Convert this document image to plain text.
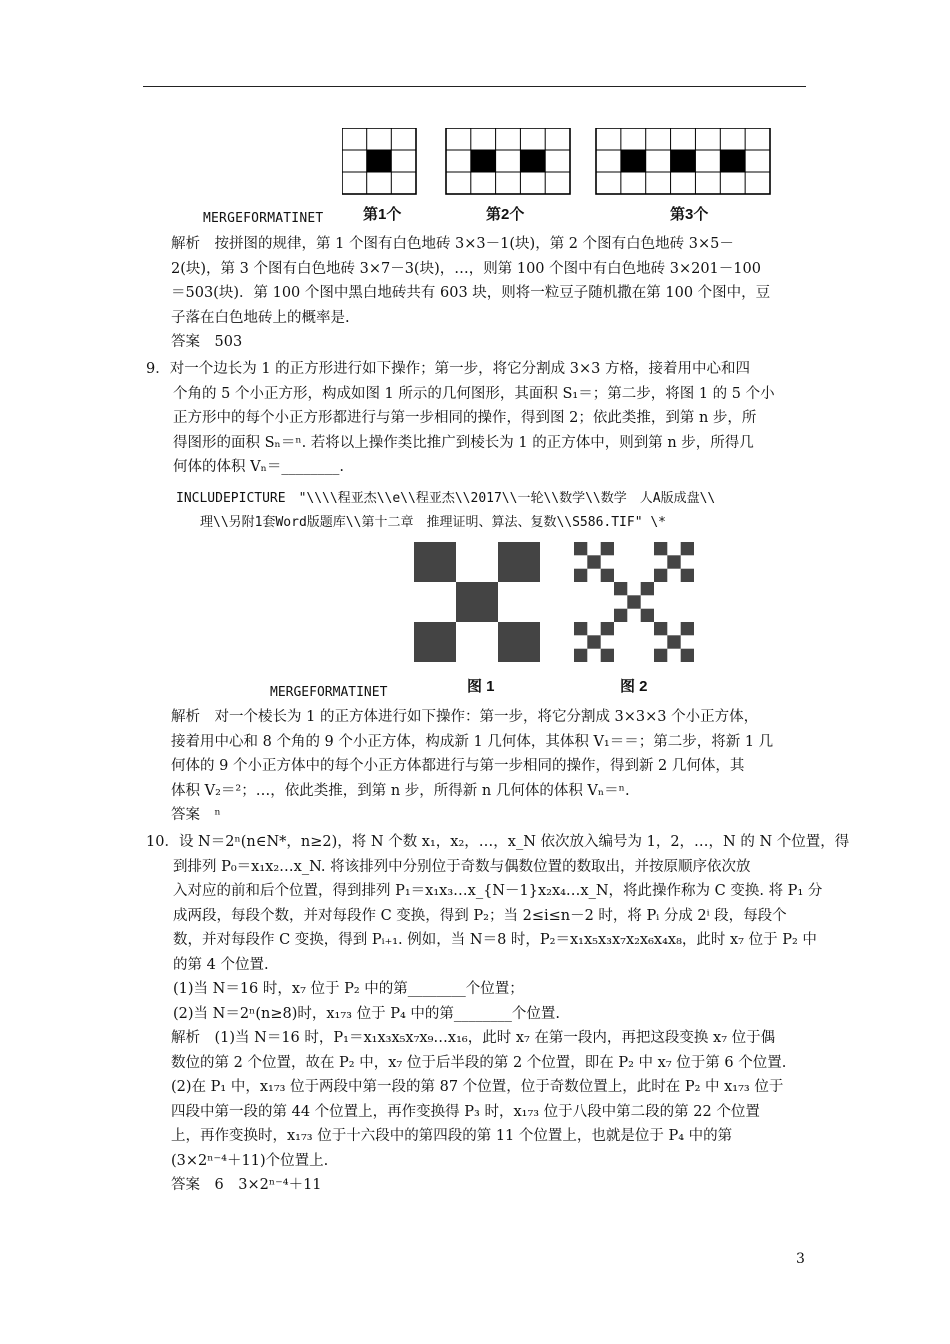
第1个	第2个	第3个
MERGEFORMATINET
解析　按拼图的规律，第 1 个图有白色地砖 3×3－1(块)，第 2 个图有白色地砖 3×5－
2(块)，第 3 个图有白色地砖 3×7－3(块)，…，则第 100 个图中有白色地砖 3×201－100
＝503(块)．第 100 个图中黑白地砖共有 603 块，则将一粒豆子随机撒在第 100 个图中，豆
子落在白色地砖上的概率是.
答案　503
9．对一个边长为 1 的正方形进行如下操作；第一步，将它分割成 3×3 方格，接着用中心和四
个角的 5 个小正方形，构成如图 1 所示的几何图形，其面积 S₁＝；第二步，将图 1 的 5 个小
正方形中的每个小正方形都进行与第一步相同的操作，得到图 2；依此类推，到第 n 步，所
得图形的面积 Sₙ＝ⁿ. 若将以上操作类比推广到棱长为 1 的正方体中，则到第 n 步，所得几
何体的体积 Vₙ＝________.
INCLUDEPICTURE　"\\\\程亚杰\\e\\程亚杰\\2017\\一轮\\数学\\数学　人A版成盘\\
理\\另附1套Word版题库\\第十二章　推理证明、算法、复数\\S586.TIF" \*
图 1	图 2
MERGEFORMATINET
解析　对一个棱长为 1 的正方体进行如下操作：第一步，将它分割成 3×3×3 个小正方体，
接着用中心和 8 个角的 9 个小正方体，构成新 1 几何体，其体积 V₁＝＝；第二步，将新 1 几
何体的 9 个小正方体中的每个小正方体都进行与第一步相同的操作，得到新 2 几何体，其
体积 V₂＝²；…，依此类推，到第 n 步，所得新 n 几何体的体积 Vₙ＝ⁿ.
答案　ⁿ
10．设 N＝2ⁿ(n∈N*，n≥2)，将 N 个数 x₁，x₂，…，x_N 依次放入编号为 1，2，…，N 的 N 个位置，得
到排列 P₀＝x₁x₂…x_N. 将该排列中分别位于奇数与偶数位置的数取出，并按原顺序依次放
入对应的前和后个位置，得到排列 P₁＝x₁x₃…x_{N－1}x₂x₄…x_N，将此操作称为 C 变换. 将 P₁ 分
成两段，每段个数，并对每段作 C 变换，得到 P₂；当 2≤i≤n－2 时，将 Pᵢ 分成 2ⁱ 段，每段个
数，并对每段作 C 变换，得到 Pᵢ₊₁. 例如，当 N＝8 时，P₂＝x₁x₅x₃x₇x₂x₆x₄x₈，此时 x₇ 位于 P₂ 中
的第 4 个位置.
(1)当 N＝16 时，x₇ 位于 P₂ 中的第________个位置；
(2)当 N＝2ⁿ(n≥8)时，x₁₇₃ 位于 P₄ 中的第________个位置.
解析　(1)当 N＝16 时，P₁＝x₁x₃x₅x₇x₉…x₁₆，此时 x₇ 在第一段内，再把这段变换 x₇ 位于偶
数位的第 2 个位置，故在 P₂ 中，x₇ 位于后半段的第 2 个位置，即在 P₂ 中 x₇ 位于第 6 个位置.
(2)在 P₁ 中，x₁₇₃ 位于两段中第一段的第 87 个位置，位于奇数位置上，此时在 P₂ 中 x₁₇₃ 位于
四段中第一段的第 44 个位置上，再作变换得 P₃ 时，x₁₇₃ 位于八段中第二段的第 22 个位置
上，再作变换时，x₁₇₃ 位于十六段中的第四段的第 11 个位置上，也就是位于 P₄ 中的第
(3×2ⁿ⁻⁴＋11)个位置上.
答案　6　3×2ⁿ⁻⁴＋11
3
